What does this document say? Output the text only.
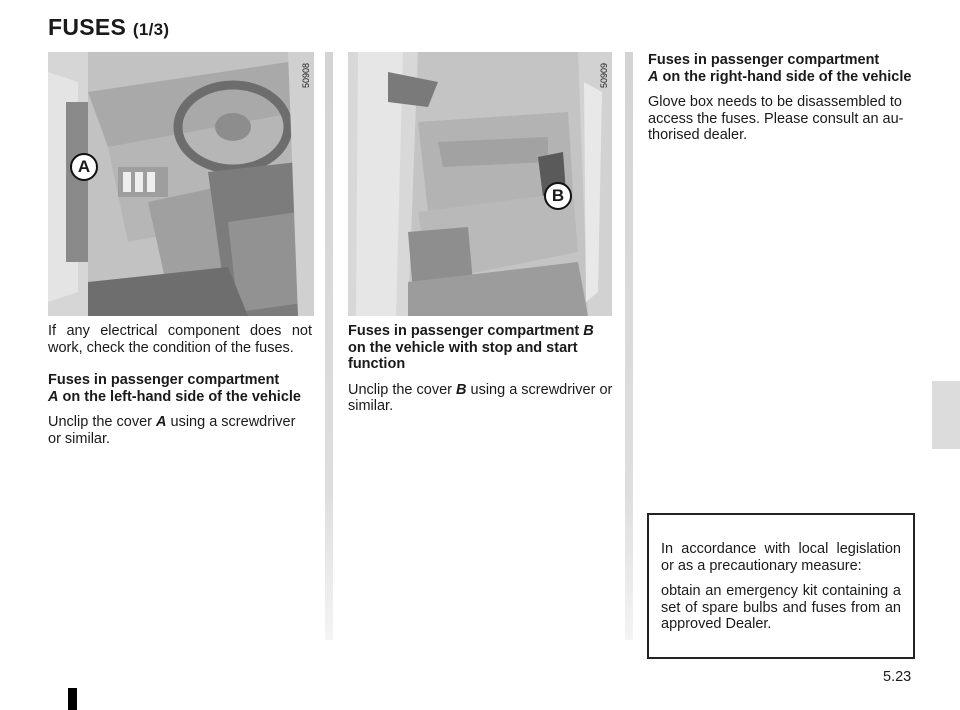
FUSES (1/3)
50908
A
50909
B

If any electrical component does not work, check the condition of the fuses.

Fuses in passenger compartment
A on the left-hand side of the vehicle

Unclip the cover A using a screwdriver or similar.

Fuses in passenger compartment B on the vehicle with stop and start function

Unclip the cover B using a screwdriver or similar.

Fuses in passenger compartment
A on the right-hand side of the vehicle

Glove box needs to be disassembled to access the fuses. Please consult an au-thorised dealer.

In accordance with local legislation or as a precautionary measure:

obtain an emergency kit containing a set of spare bulbs and fuses from an approved Dealer.

5.23
